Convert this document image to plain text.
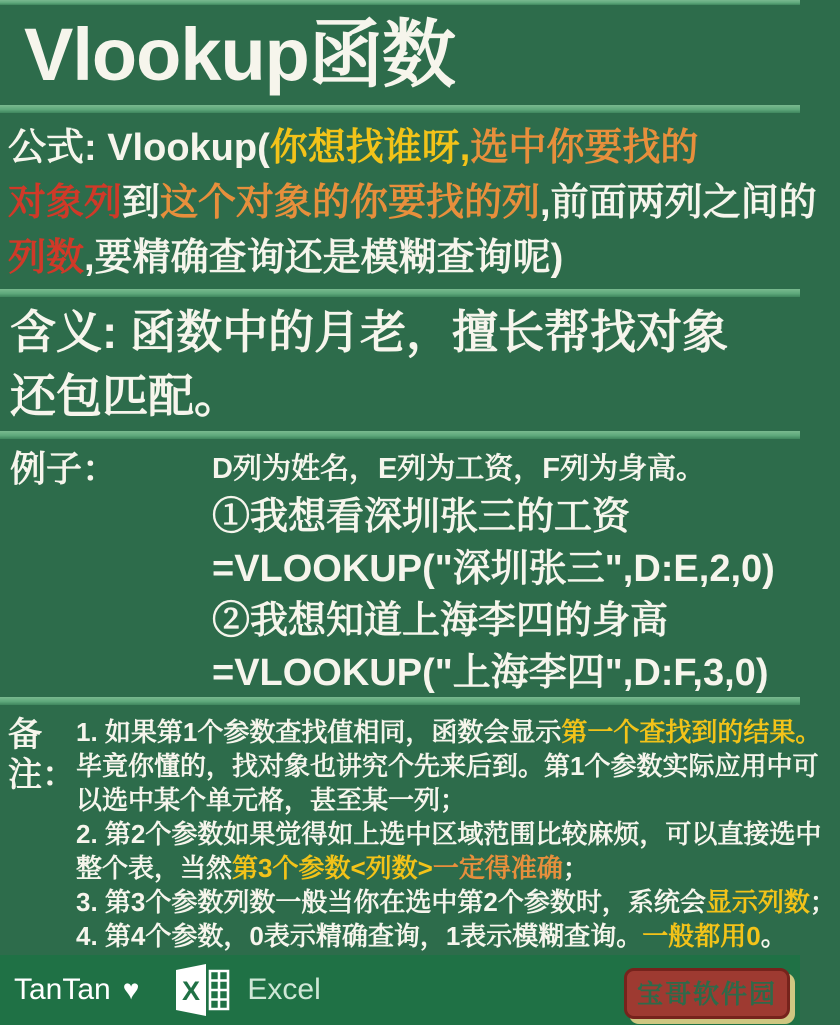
Vlookup函数
公式: Vlookup(你想找谁呀,选中你要找的
对象列到这个对象的你要找的列,前面两列之间的
列数,要精确查询还是模糊查询呢)
含义: 函数中的月老，擅长帮找对象
还包匹配。
例子：	D列为姓名，E列为工资，F列为身高。
①我想看深圳张三的工资
=VLOOKUP("深圳张三",D:E,2,0)
②我想知道上海李四的身高
=VLOOKUP("上海李四",D:F,3,0)
备注：
1. 如果第1个参数查找值相同，函数会显示第一个查找到的结果。
毕竟你懂的，找对象也讲究个先来后到。第1个参数实际应用中可
以选中某个单元格，甚至某一列；
2. 第2个参数如果觉得如上选中区域范围比较麻烦，可以直接选中
整个表，当然第3个参数<列数>一定得准确；
3. 第3个参数列数一般当你在选中第2个参数时，系统会显示列数；
4. 第4个参数，0表示精确查询，1表示模糊查询。一般都用0。
TanTan ♥ X Excel	宝哥软件园
